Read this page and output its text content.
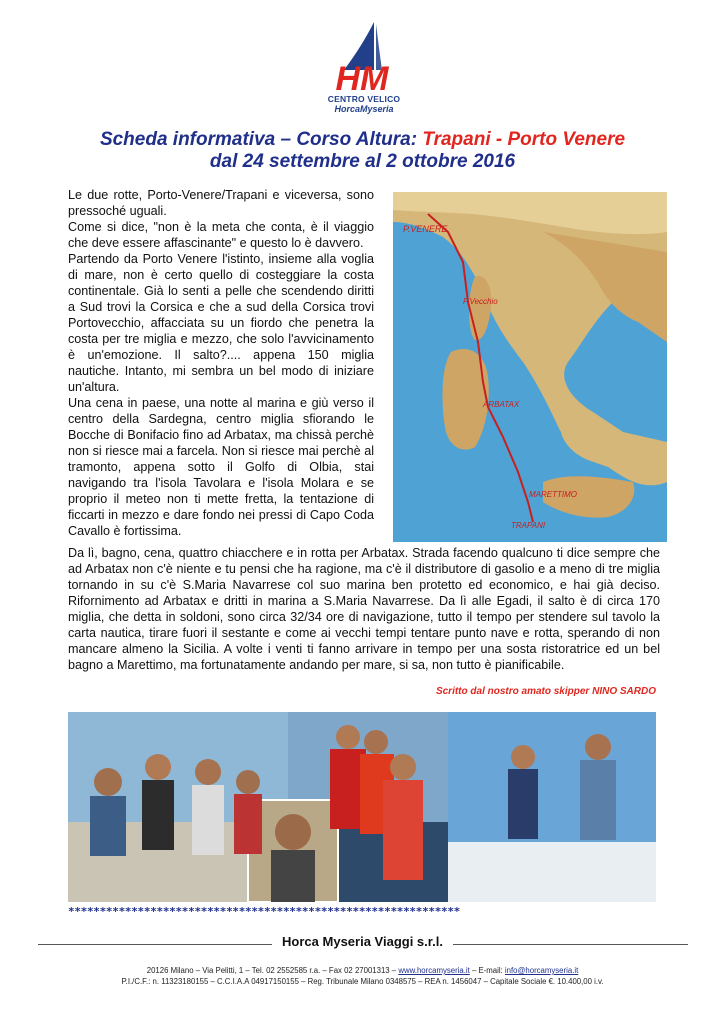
HM
CENTRO VELICO
HorcaMyseria
Scheda informativa – Corso Altura: Trapani - Porto Venere
dal 24 settembre al 2 ottobre 2016

Le due rotte, Porto-Venere/Trapani e viceversa, sono pressoché uguali.

Come si dice, "non è la meta che conta, è il viaggio che deve essere affascinante" e questo lo è davvero.

Partendo da Porto Venere l'istinto, insieme alla voglia di mare, non è certo quello di costeggiare la costa continentale. Già lo senti a pelle che scendendo diritti a Sud trovi la Corsica e che a sud della Corsica trovi Portovecchio, affacciata su un fiordo che penetra la costa per tre miglia e mezzo, che solo l'avvicinamento è un'emozione. Il salto?.... appena 150 miglia nautiche. Intanto, mi sembra un bel modo di iniziare un'altura.

Una cena in paese, una notte al marina e giù verso il centro della Sardegna, centro miglia sfiorando le Bocche di Bonifacio fino ad Arbatax, ma chissà perchè non si riesce mai a farcela. Non si riesce mai perchè al tramonto, appena sotto il Golfo di Olbia, stai navigando tra l'isola Tavolara e l'isola Molara e se proprio il meteo non ti mette fretta, la tentazione di ficcarti in mezzo e dare fondo nei pressi di Capo Coda Cavallo è fortissima.

P.VENERE
P.Vecchio
ARBATAX
MARETTIMO
TRAPANI
Da lì, bagno, cena, quattro chiacchere e in rotta per Arbatax. Strada facendo qualcuno ti dice sempre che ad Arbatax non c'è niente e tu pensi che ha ragione, ma c'è il distributore di gasolio e a meno di tre miglia tornando in su c'è S.Maria Navarrese col suo marina ben protetto ed economico, e hai già deciso. Rifornimento ad Arbatax e dritti in marina a S.Maria Navarrese. Da lì alle Egadi, il salto è di circa 170 miglia, che detta in soldoni, sono circa 32/34 ore di navigazione, tutto il tempo per stendere sul tavolo la carta nautica, tirare fuori il sestante e come ai vecchi tempi tentare punto nave e rotta, sperando di non mancare almeno la Sicilia. A volte i venti ti fanno arrivare in tempo per una sosta ristoratrice ed un bel bagno a Marettimo, ma fortunatamente andando per mare, si sa, non tutto è pianificabile.
Scritto dal nostro amato skipper NINO SARDO
**************************************************************
Horca Myseria Viaggi s.r.l.
20126 Milano – Via Pelitti, 1 – Tel. 02 2552585 r.a. – Fax 02 27001313 – www.horcamyseria.it – E-mail: info@horcamyseria.it
P.I./C.F.: n. 11323180155 – C.C.I.A.A 04917150155 – Reg. Tribunale Milano 0348575 – REA n. 1456047 – Capitale Sociale €. 10.400,00 i.v.
